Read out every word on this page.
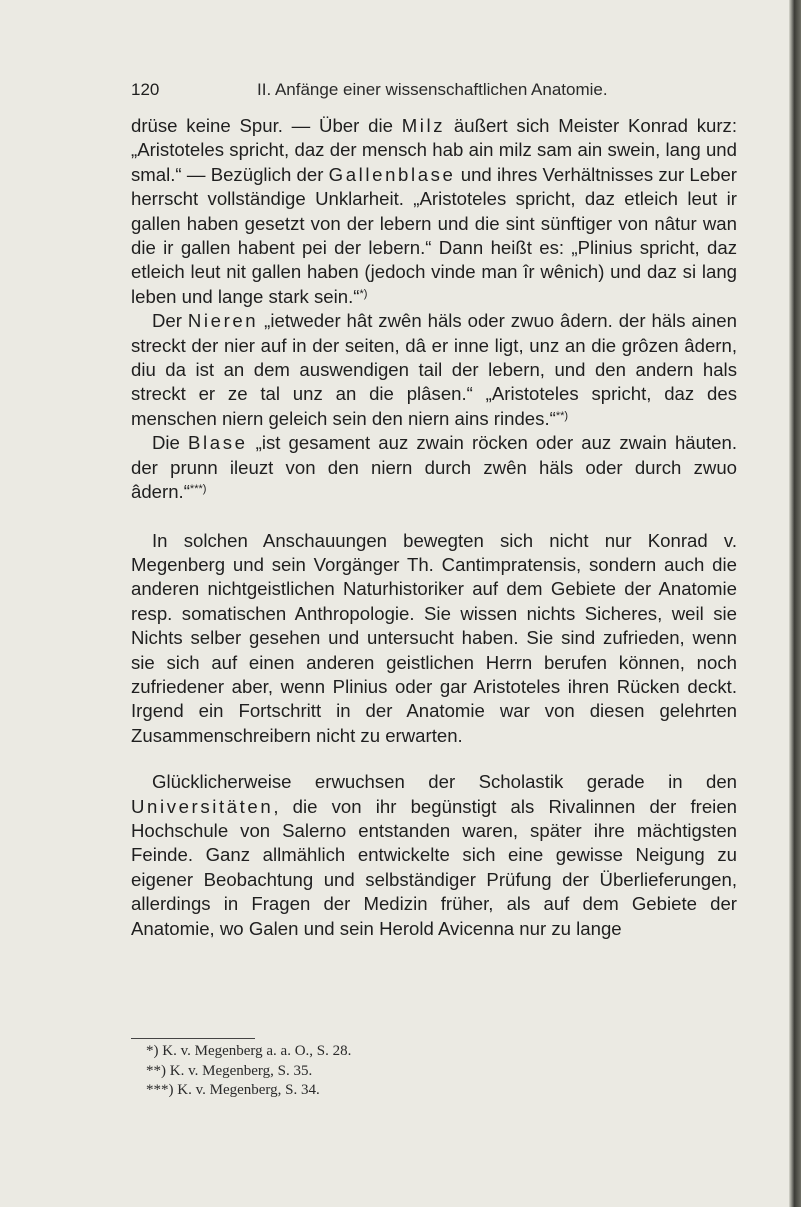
120	II. Anfänge einer wissenschaftlichen Anatomie.

drüse keine Spur. — Über die Milz äußert sich Meister Konrad kurz: „Aristoteles spricht, daz der mensch hab ain milz sam ain swein, lang und smal.“ — Bezüglich der Gallenblase und ihres Verhältnisses zur Leber herrscht vollständige Unklarheit. „Aristoteles spricht, daz etleich leut ir gallen haben gesetzt von der lebern und die sint sünftiger von nâtur wan die ir gallen habent pei der lebern.“ Dann heißt es: „Plinius spricht, daz etleich leut nit gallen haben (jedoch vinde man îr wênich) und daz si lang leben und lange stark sein.“*)

Der Nieren „ietweder hât zwên häls oder zwuo âdern. der häls ainen streckt der nier auf in der seiten, dâ er inne ligt, unz an die grôzen âdern, diu da ist an dem auswendigen tail der lebern, und den andern hals streckt er ze tal unz an die plâsen.“ „Aristoteles spricht, daz des menschen niern geleich sein den niern ains rindes.“**)

Die Blase „ist gesament auz zwain röcken oder auz zwain häuten. der prunn ileuzt von den niern durch zwên häls oder durch zwuo âdern.“***)

In solchen Anschauungen bewegten sich nicht nur Konrad v. Megenberg und sein Vorgänger Th. Cantimpratensis, sondern auch die anderen nichtgeistlichen Naturhistoriker auf dem Gebiete der Anatomie resp. somatischen Anthropologie. Sie wissen nichts Sicheres, weil sie Nichts selber gesehen und untersucht haben. Sie sind zufrieden, wenn sie sich auf einen anderen geistlichen Herrn berufen können, noch zufriedener aber, wenn Plinius oder gar Aristoteles ihren Rücken deckt. Irgend ein Fortschritt in der Anatomie war von diesen gelehrten Zusammenschreibern nicht zu erwarten.

Glücklicherweise erwuchsen der Scholastik gerade in den Universitäten, die von ihr begünstigt als Rivalinnen der freien Hochschule von Salerno entstanden waren, später ihre mächtigsten Feinde. Ganz allmählich entwickelte sich eine gewisse Neigung zu eigener Beobachtung und selbständiger Prüfung der Überlieferungen, allerdings in Fragen der Medizin früher, als auf dem Gebiete der Anatomie, wo Galen und sein Herold Avicenna nur zu lange

*) K. v. Megenberg a. a. O., S. 28.
**) K. v. Megenberg, S. 35.
***) K. v. Megenberg, S. 34.
